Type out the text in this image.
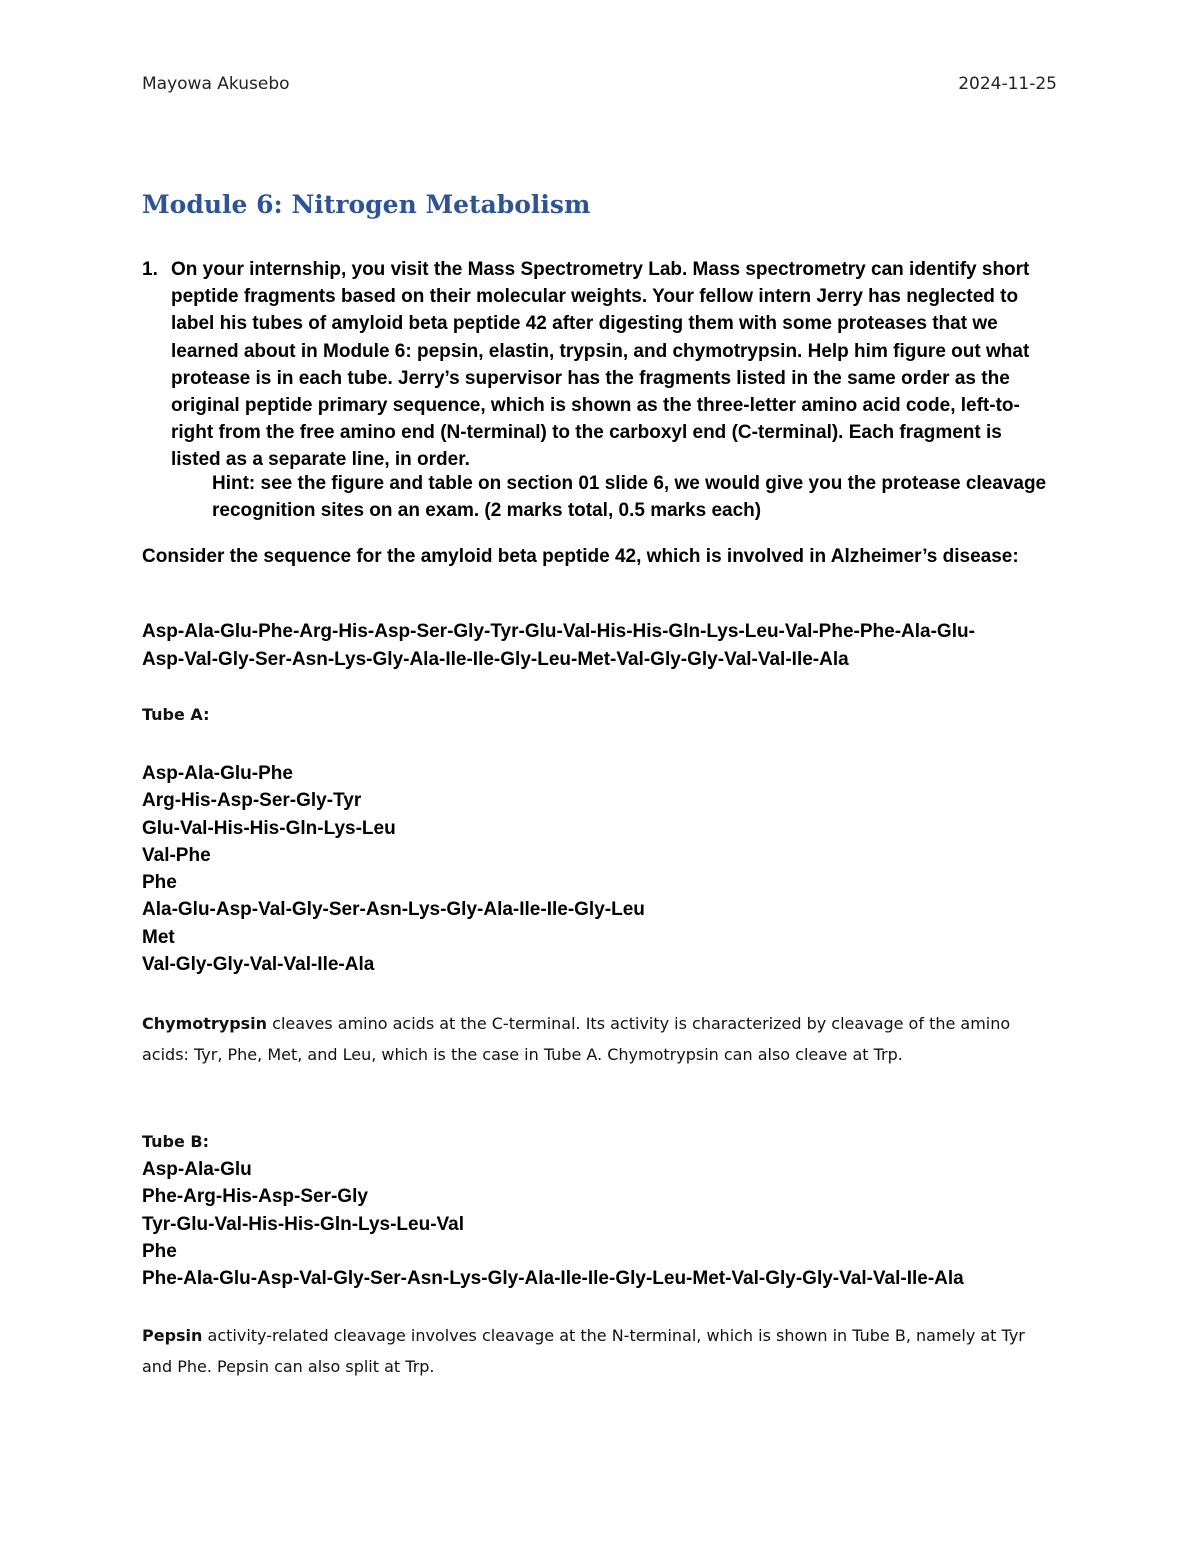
Mayowa Akusebo	2024-11-25
Module 6: Nitrogen Metabolism
1. On your internship, you visit the Mass Spectrometry Lab. Mass spectrometry can identify short peptide fragments based on their molecular weights. Your fellow intern Jerry has neglected to label his tubes of amyloid beta peptide 42 after digesting them with some proteases that we learned about in Module 6: pepsin, elastin, trypsin, and chymotrypsin. Help him figure out what protease is in each tube. Jerry’s supervisor has the fragments listed in the same order as the original peptide primary sequence, which is shown as the three-letter amino acid code, left-to-right from the free amino end (N-terminal) to the carboxyl end (C-terminal). Each fragment is listed as a separate line, in order.
Hint: see the figure and table on section 01 slide 6, we would give you the protease cleavage recognition sites on an exam. (2 marks total, 0.5 marks each)
Consider the sequence for the amyloid beta peptide 42, which is involved in Alzheimer’s disease:
Asp-Ala-Glu-Phe-Arg-His-Asp-Ser-Gly-Tyr-Glu-Val-His-His-Gln-Lys-Leu-Val-Phe-Phe-Ala-Glu-
Asp-Val-Gly-Ser-Asn-Lys-Gly-Ala-Ile-Ile-Gly-Leu-Met-Val-Gly-Gly-Val-Val-Ile-Ala
Tube A:
Asp-Ala-Glu-Phe
Arg-His-Asp-Ser-Gly-Tyr
Glu-Val-His-His-Gln-Lys-Leu
Val-Phe
Phe
Ala-Glu-Asp-Val-Gly-Ser-Asn-Lys-Gly-Ala-Ile-Ile-Gly-Leu
Met
Val-Gly-Gly-Val-Val-Ile-Ala
Chymotrypsin cleaves amino acids at the C-terminal. Its activity is characterized by cleavage of the amino acids: Tyr, Phe, Met, and Leu, which is the case in Tube A. Chymotrypsin can also cleave at Trp.
Tube B:
Asp-Ala-Glu
Phe-Arg-His-Asp-Ser-Gly
Tyr-Glu-Val-His-His-Gln-Lys-Leu-Val
Phe
Phe-Ala-Glu-Asp-Val-Gly-Ser-Asn-Lys-Gly-Ala-Ile-Ile-Gly-Leu-Met-Val-Gly-Gly-Val-Val-Ile-Ala
Pepsin activity-related cleavage involves cleavage at the N-terminal, which is shown in Tube B, namely at Tyr and Phe. Pepsin can also split at Trp.
